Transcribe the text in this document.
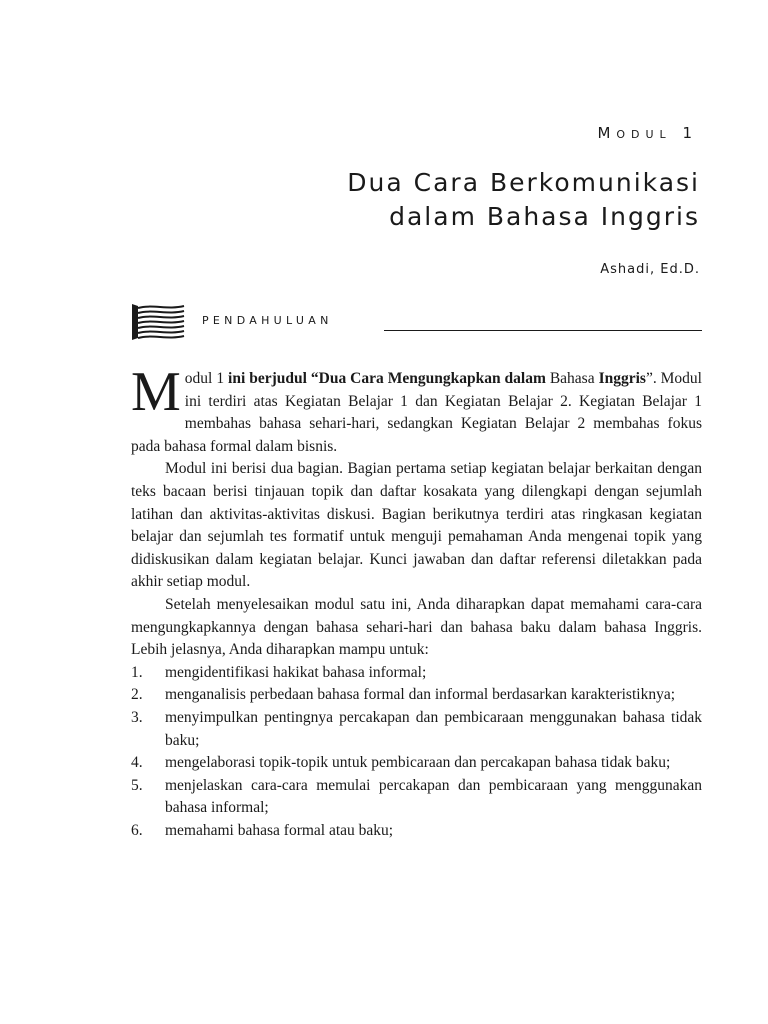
Modul 1
Dua Cara Berkomunikasi
dalam Bahasa Inggris
Ashadi, Ed.D.
PENDAHULUAN

Modul 1 ini berjudul “Dua Cara Mengungkapkan dalam Bahasa Inggris”. Modul ini terdiri atas Kegiatan Belajar 1 dan Kegiatan Belajar 2. Kegiatan Belajar 1 membahas bahasa sehari-hari, sedangkan Kegiatan Belajar 2 membahas fokus pada bahasa formal dalam bisnis.

Modul ini berisi dua bagian. Bagian pertama setiap kegiatan belajar berkaitan dengan teks bacaan berisi tinjauan topik dan daftar kosakata yang dilengkapi dengan sejumlah latihan dan aktivitas-aktivitas diskusi. Bagian berikutnya terdiri atas ringkasan kegiatan belajar dan sejumlah tes formatif untuk menguji pemahaman Anda mengenai topik yang didiskusikan dalam kegiatan belajar. Kunci jawaban dan daftar referensi diletakkan pada akhir setiap modul.

Setelah menyelesaikan modul satu ini, Anda diharapkan dapat memahami cara-cara mengungkapkannya dengan bahasa sehari-hari dan bahasa baku dalam bahasa Inggris. Lebih jelasnya, Anda diharapkan mampu untuk:

1. mengidentifikasi hakikat bahasa informal;
2. menganalisis perbedaan bahasa formal dan informal berdasarkan karakteristiknya;
3. menyimpulkan pentingnya percakapan dan pembicaraan menggunakan bahasa tidak baku;
4. mengelaborasi topik-topik untuk pembicaraan dan percakapan bahasa tidak baku;
5. menjelaskan cara-cara memulai percakapan dan pembicaraan yang menggunakan bahasa informal;
6. memahami bahasa formal atau baku;
